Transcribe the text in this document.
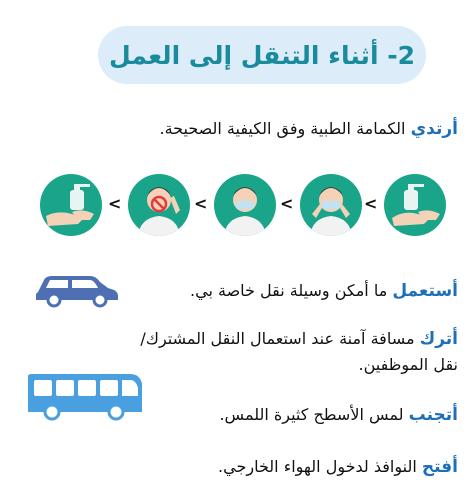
2- أثناء التنقل إلى العمل
أرتدي الكمامة الطبية وفق الكيفية الصحيحة.
<
<
<
<
أستعمل ما أمكن وسيلة نقل خاصة بي.
أترك مسافة آمنة عند استعمال النقل المشترك/
نقل الموظفين.
أتجنب لمس الأسطح كثيرة اللمس.
أفتح النوافذ لدخول الهواء الخارجي.
